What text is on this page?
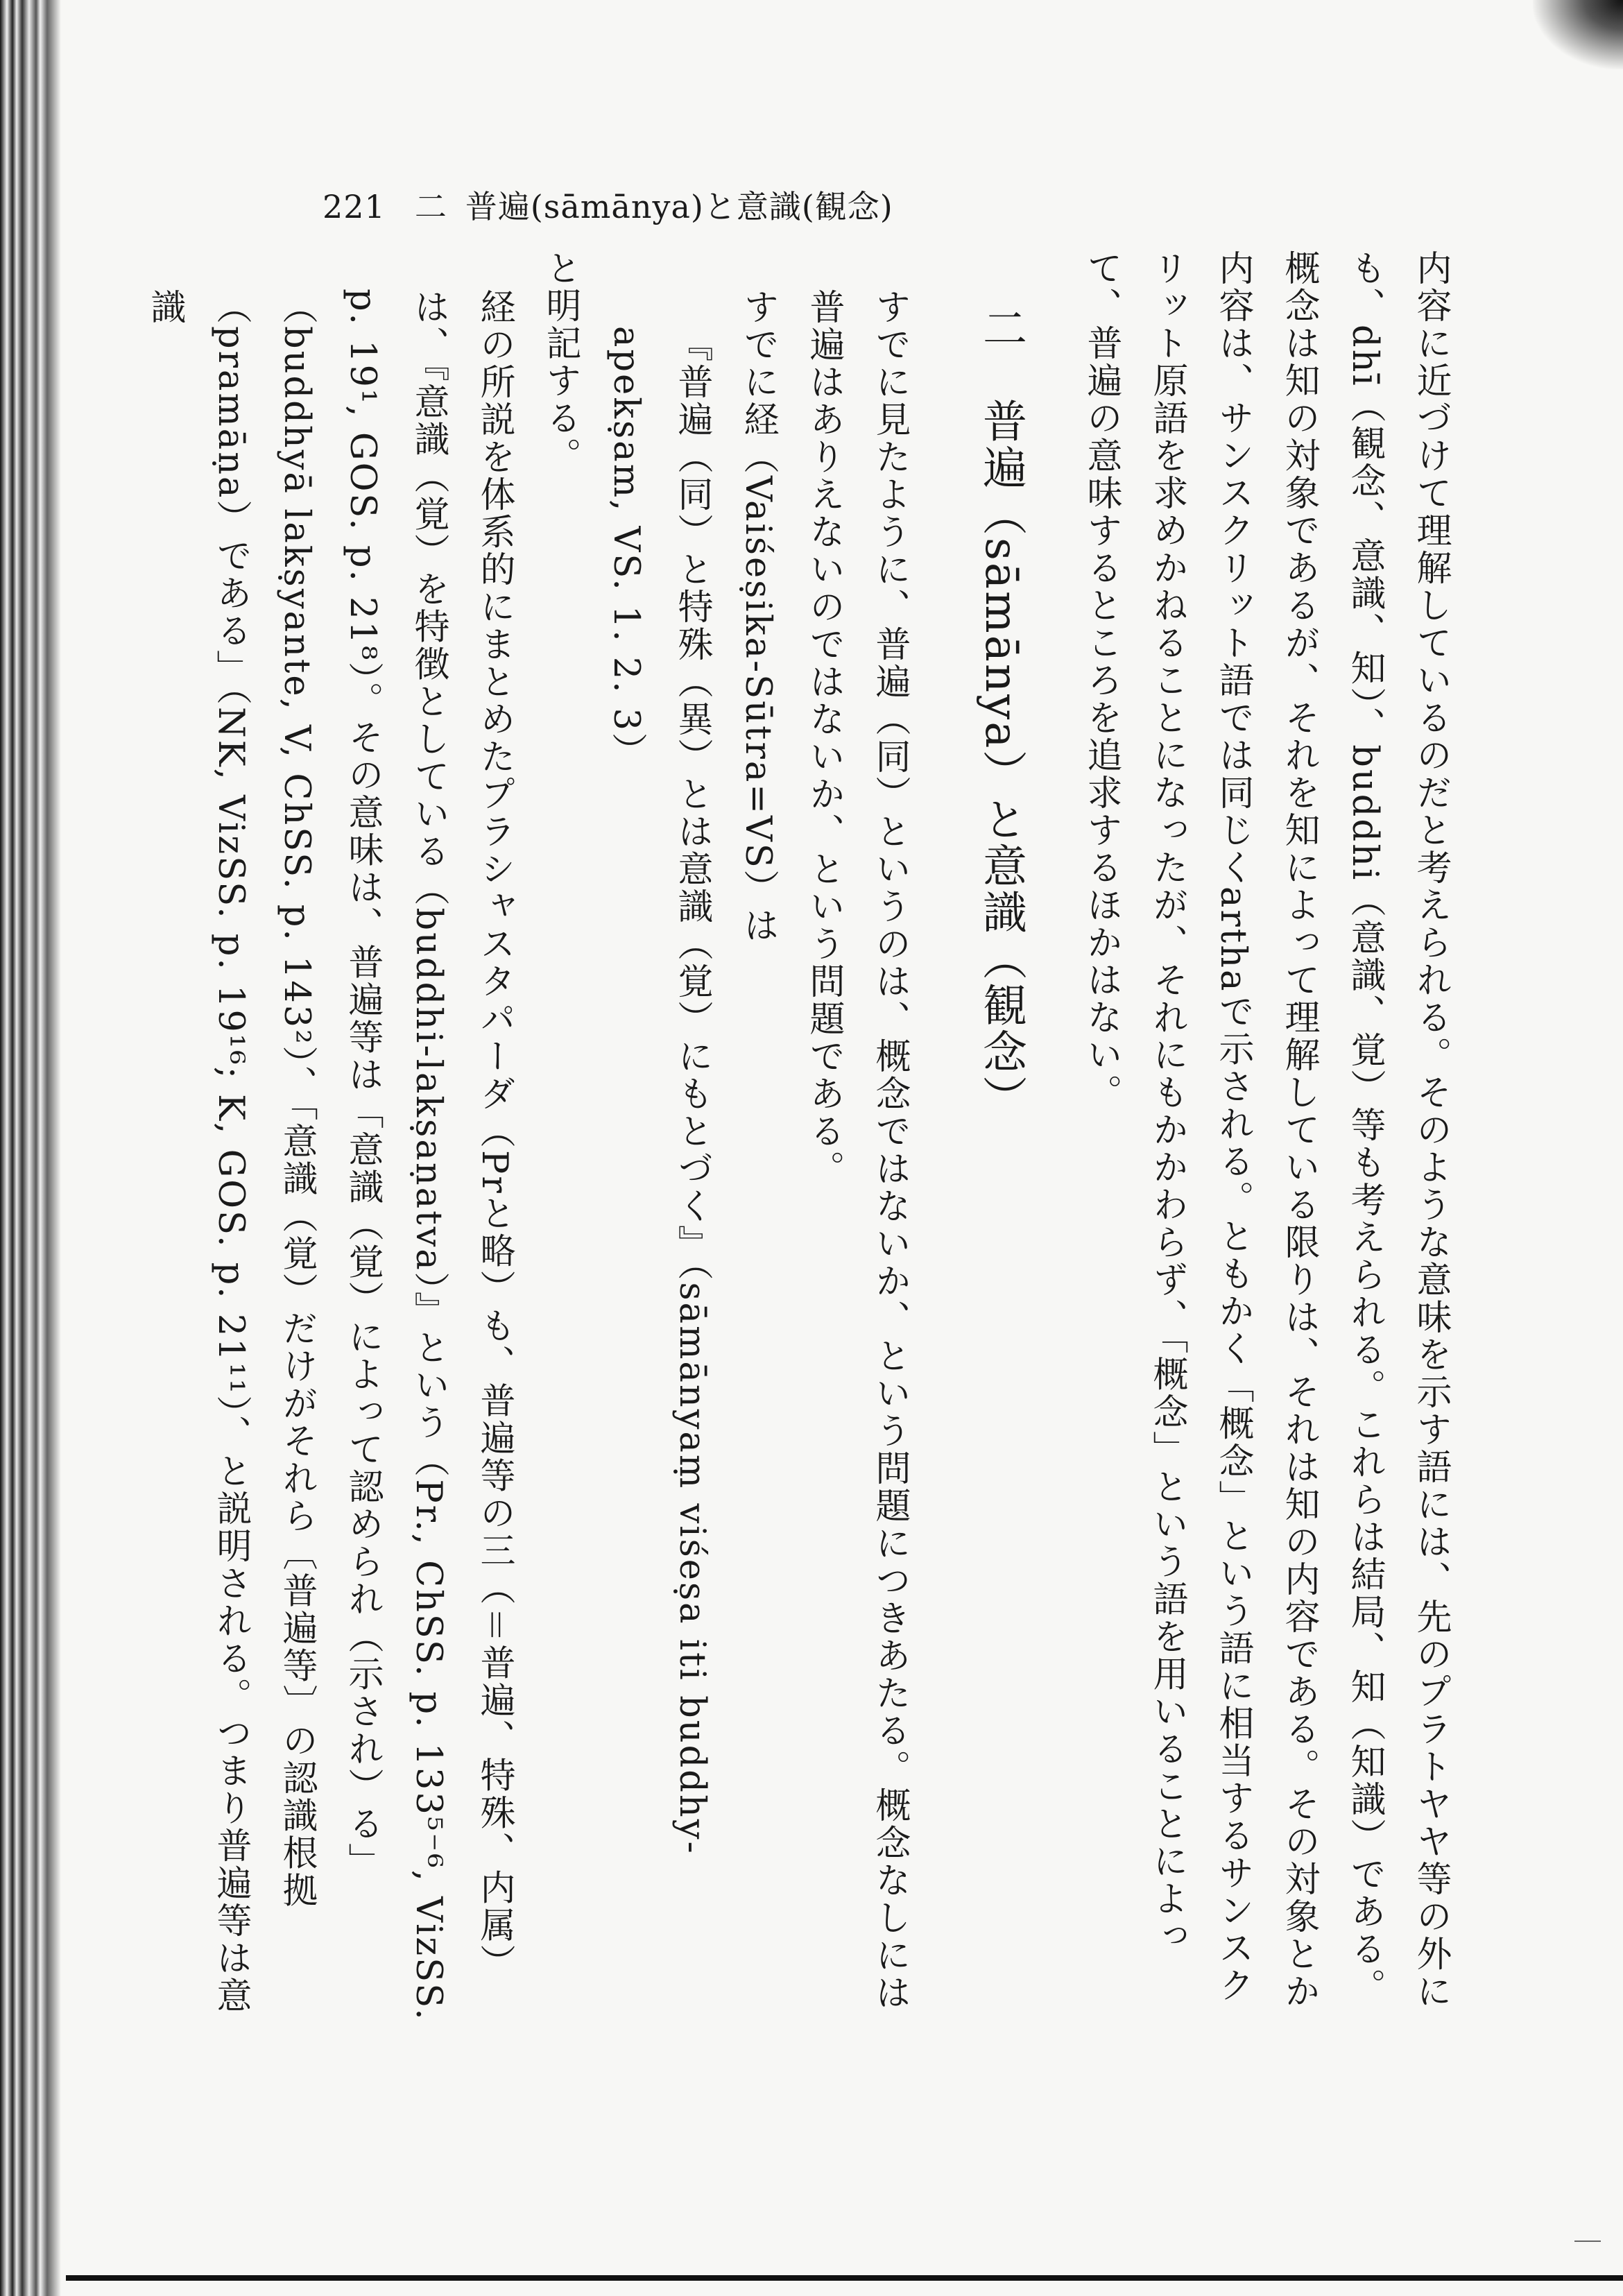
221 二 普遍(sāmānya)と意識(観念)

内容に近づけて理解しているのだと考えられる。そのような意味を示す語には、先のプラトヤヤ等の外にも、dhī（観念、意識、知）、buddhi（意識、覚）等も考えられる。これらは結局、知（知識）である。概念は知の対象であるが、それを知によって理解している限りは、それは知の内容である。その対象とか内容は、サンスクリット語では同じくarthaで示される。ともかく「概念」という語に相当するサンスクリット原語を求めかねることになったが、それにもかかわらず、「概念」という語を用いることによって、普遍の意味するところを追求するほかはない。

二　普遍（sāmānya）と意識（観念）

すでに見たように、普遍（同）というのは、概念ではないか、という問題につきあたる。概念なしには普遍はありえないのではないか、という問題である。

すでに経（Vaiśeṣika-Sūtra=VS）は

『普遍（同）と特殊（異）とは意識（覚）にもとづく』（sāmānyaṃ viśeṣa iti buddhy-apekṣam, VS. 1. 2. 3）

と明記する。

経の所説を体系的にまとめたプラシャスタパーダ（Prと略）も、普遍等の三（＝普遍、特殊、内属）は、『意識（覚）を特徴としている（buddhi-lakṣaṇatva）』という（Pr., ChSS. p. 133⁵⁻⁶, VizSS. p. 19¹, GOS. p. 21⁸）。その意味は、普遍等は「意識（覚）によって認められ（示され）る」（buddhyā lakṣyante, V, ChSS. p. 143²）、「意識（覚）だけがそれら〔普遍等〕の認識根拠（pramāṇa）である」（NK, VizSS. p. 19¹⁶; K, GOS. p. 21¹¹）、と説明される。つまり普遍等は意識
